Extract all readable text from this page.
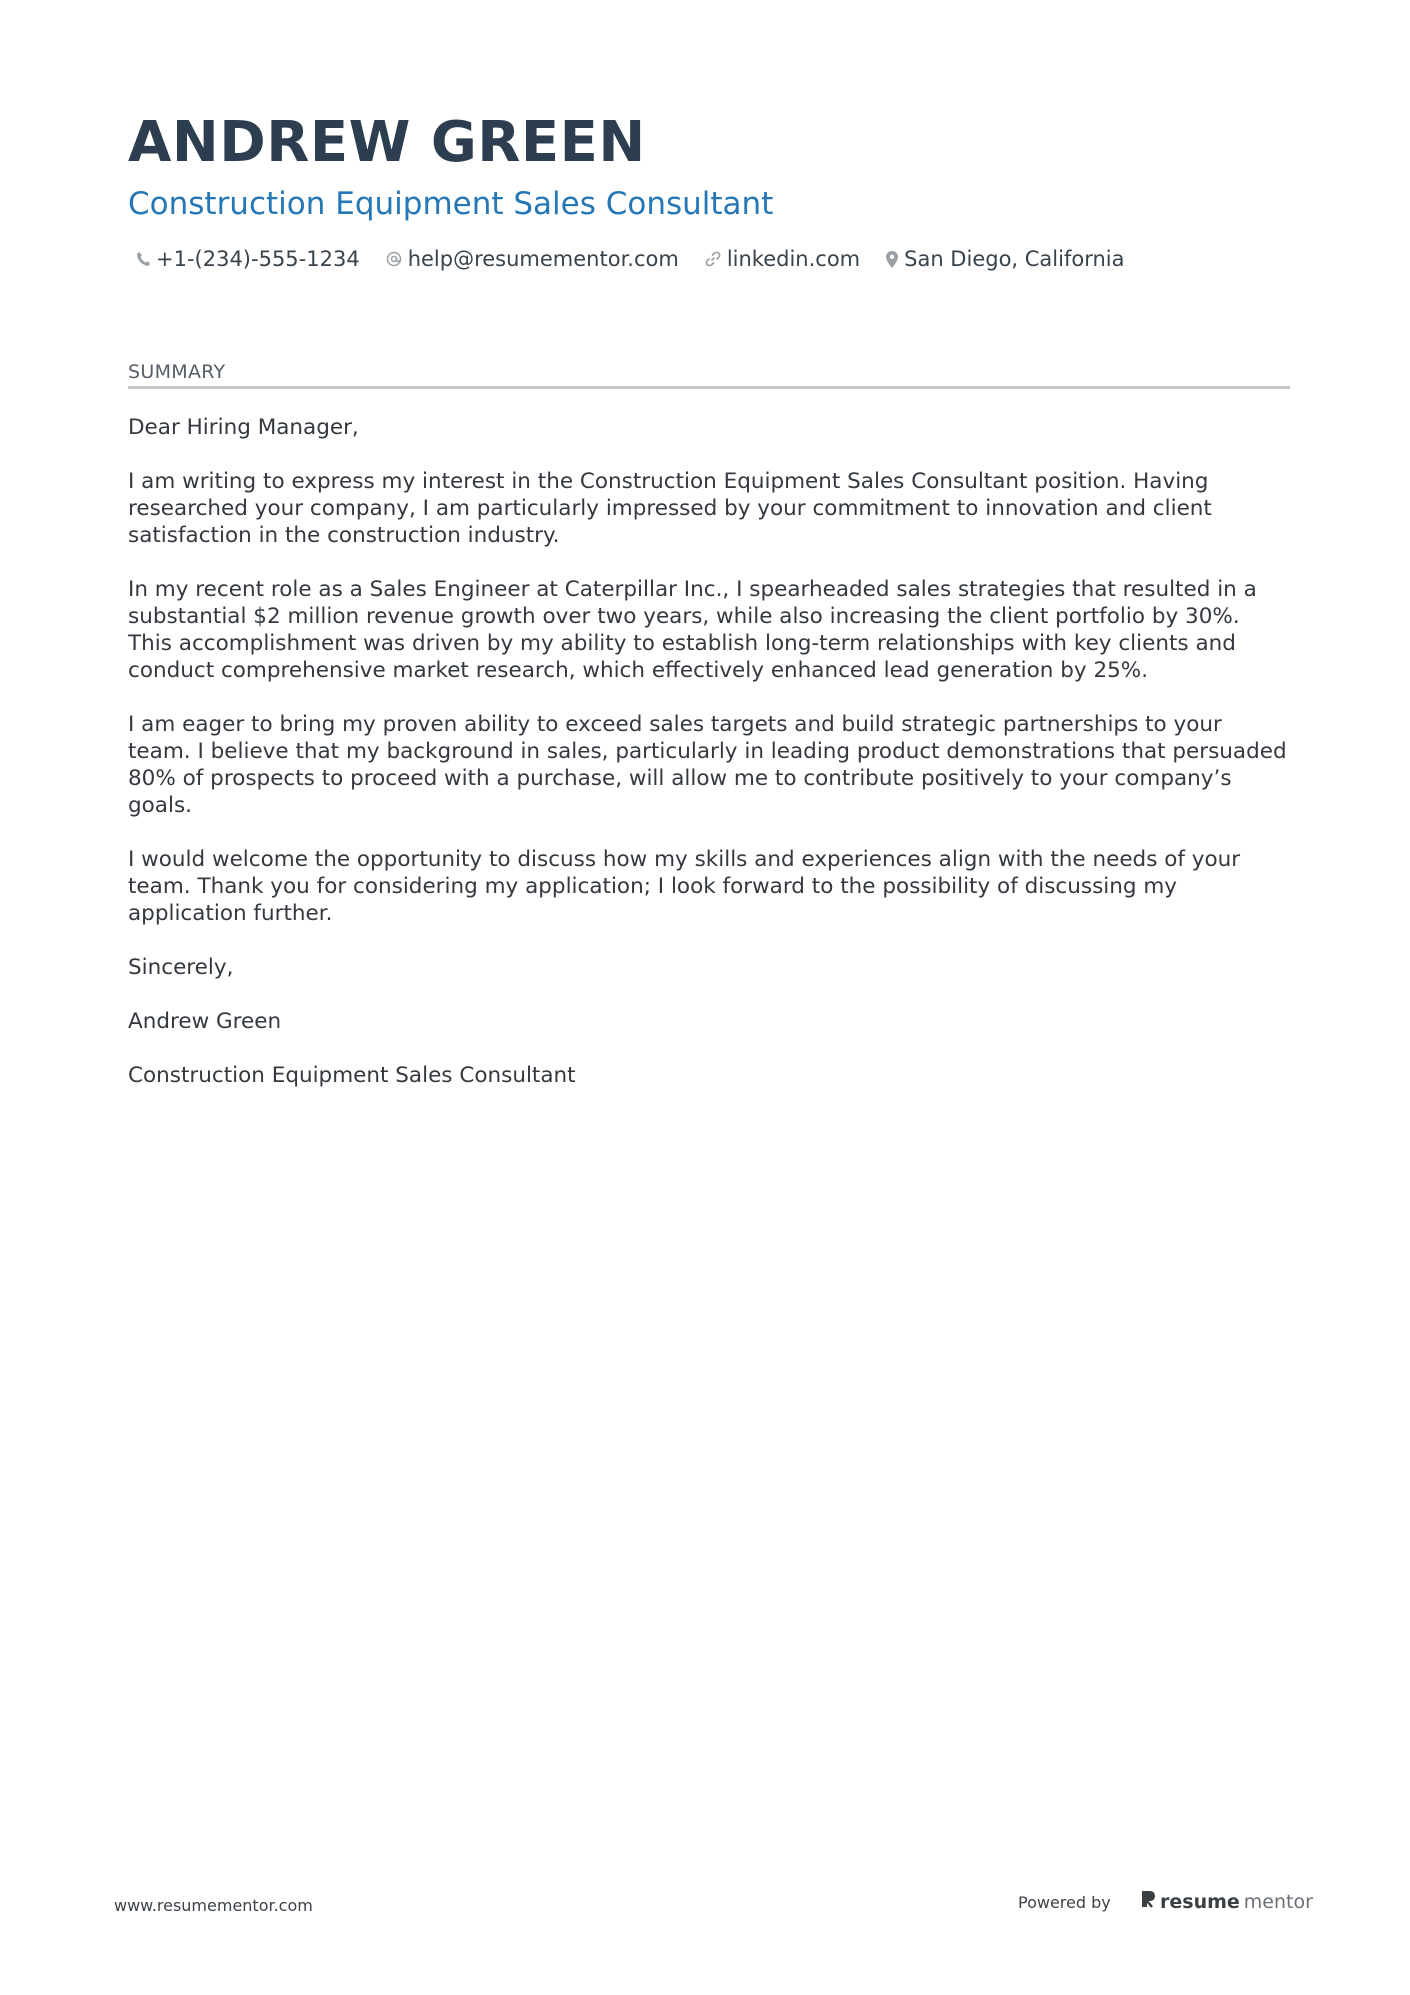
ANDREW GREEN
Construction Equipment Sales Consultant
+1-(234)-555-1234 help@resumementor.com linkedin.com San Diego, California
SUMMARY

Dear Hiring Manager,

I am writing to express my interest in the Construction Equipment Sales Consultant position. Having researched your company, I am particularly impressed by your commitment to innovation and client satisfaction in the construction industry.

In my recent role as a Sales Engineer at Caterpillar Inc., I spearheaded sales strategies that resulted in a substantial $2 million revenue growth over two years, while also increasing the client portfolio by 30%. This accomplishment was driven by my ability to establish long-term relationships with key clients and conduct comprehensive market research, which effectively enhanced lead generation by 25%.

I am eager to bring my proven ability to exceed sales targets and build strategic partnerships to your team. I believe that my background in sales, particularly in leading product demonstrations that persuaded 80% of prospects to proceed with a purchase, will allow me to contribute positively to your company’s goals.

I would welcome the opportunity to discuss how my skills and experiences align with the needs of your team. Thank you for considering my application; I look forward to the possibility of discussing my application further.

Sincerely,

Andrew Green

Construction Equipment Sales Consultant

www.resumementor.com	Powered by	resume mentor
